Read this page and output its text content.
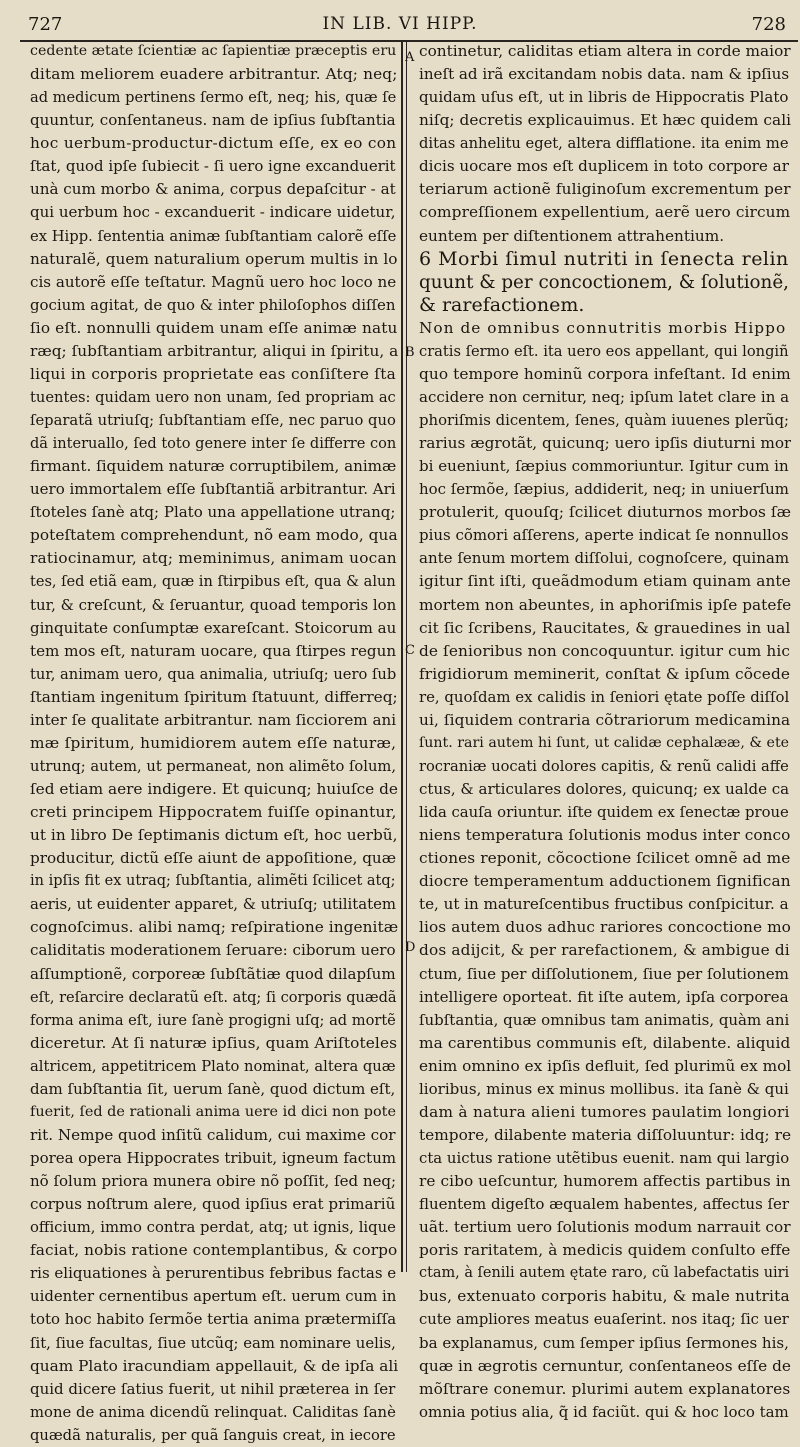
727	IN LIB. VI HIPP.	728
A
B
C
D
cedente ætate ſcientiæ ac ſapientiæ præceptis eru
ditam meliorem euadere arbitrantur. Atq; neq;
ad medicum pertinens ſermo eſt, neq; his, quæ ſe
quuntur, conſentaneus. nam de ipſius ſubſtantia
hoc uerbum-productur-dictum eſſe, ex eo con
ſtat, quod ipſe ſubiecit - ſi uero igne excanduerit
unà cum morbo & anima, corpus depaſcitur - at
qui uerbum hoc - excanduerit - indicare uidetur,
ex Hipp. ſententia animæ ſubſtantiam calorẽ eſſe
naturalẽ, quem naturalium operum multis in lo
cis autorẽ eſſe teſtatur. Magnũ uero hoc loco ne
gocium agitat, de quo & inter philoſophos diſſen
ſio eſt. nonnulli quidem unam eſſe animæ natu
ræq; ſubſtantiam arbitrantur, aliqui in ſpiritu, a
liqui in corporis proprietate eas conſiſtere ſta
tuentes: quidam uero non unam, ſed propriam ac
ſeparatã utriuſq; ſubſtantiam eſſe, nec paruo quo
dã interuallo, ſed toto genere inter ſe differre con
firmant. ſiquidem naturæ corruptibilem, animæ
uero immortalem eſſe ſubſtantiã arbitrantur. Ari
ſtoteles ſanè atq; Plato una appellatione utranq;
poteſtatem comprehendunt, nõ eam modo, qua
ratiocinamur, atq; meminimus, animam uocan
tes, ſed etiã eam, quæ in ſtirpibus eſt, qua & alun
tur, & creſcunt, & ſeruantur, quoad temporis lon
ginquitate conſumptæ exareſcant. Stoicorum au
tem mos eſt, naturam uocare, qua ſtirpes regun
tur, animam uero, qua animalia, utriuſq; uero ſub
ſtantiam ingenitum ſpiritum ſtatuunt, differreq;
inter ſe qualitate arbitrantur. nam ſicciorem ani
mæ ſpiritum, humidiorem autem eſſe naturæ,
utrunq; autem, ut permaneat, non alimẽto ſolum,
ſed etiam aere indigere. Et quicunq; huiuſce de
creti principem Hippocratem fuiſſe opinantur,
ut in libro De ſeptimanis dictum eſt, hoc uerbũ,
producitur, dictũ eſſe aiunt de appoſitione, quæ
in ipſis fit ex utraq; ſubſtantia, alimẽti ſcilicet atq;
aeris, ut euidenter apparet, & utriuſq; utilitatem
cognoſcimus. alibi namq; reſpiratione ingenitæ
caliditatis moderationem ſeruare: ciborum uero
aſſumptionẽ, corporeæ ſubſtãtiæ quod dilapſum
eſt, reſarcire declaratũ eſt. atq; ſi corporis quædã
forma anima eſt, iure ſanè progigni uſq; ad mortẽ
diceretur. At ſi naturæ ipſius, quam Ariſtoteles
altricem, appetitricem Plato nominat, altera quæ
dam ſubſtantia ſit, uerum ſanè, quod dictum eſt,
fuerit, ſed de rationali anima uere id dici non pote
rit. Nempe quod inſitũ calidum, cui maxime cor
porea opera Hippocrates tribuit, igneum factum
nõ ſolum priora munera obire nõ poſſit, ſed neq;
corpus noſtrum alere, quod ipſius erat primariũ
officium, immo contra perdat, atq; ut ignis, lique
faciat, nobis ratione contemplantibus, & corpo
ris eliquationes à perurentibus febribus factas e
uidenter cernentibus apertum eſt. uerum cum in
toto hoc habito ſermõe tertia anima prætermiſſa
ſit, ſiue facultas, ſiue utcũq; eam nominare uelis,
quam Plato iracundiam appellauit, & de ipſa ali
quid dicere ſatius fuerit, ut nihil præterea in ſer
mone de anima dicendũ relinquat. Caliditas ſanè
quædã naturalis, per quã ſanguis creat, in iecore
continetur, caliditas etiam altera in corde maior
ineſt ad irã excitandam nobis data. nam & ipſius
quidam uſus eſt, ut in libris de Hippocratis Plato
niſq; decretis explicauimus. Et hæc quidem cali
ditas anhelitu eget, altera difflatione. ita enim me
dicis uocare mos eſt duplicem in toto corpore ar
teriarum actionẽ fuliginoſum excrementum per
compreſſionem expellentium, aerẽ uero circum
euntem per diſtentionem attrahentium.
6 Morbi ſimul nutriti in ſenecta relin
quunt & per concoctionem, & ſolutionẽ,
& rarefactionem.
Non de omnibus connutritis morbis Hippo
cratis ſermo eſt. ita uero eos appellant, qui longiñ
quo tempore hominũ corpora infeſtant. Id enim
accidere non cernitur, neq; ipſum latet clare in a
phoriſmis dicentem, ſenes, quàm iuuenes plerũq;
rarius ægrotãt, quicunq; uero ipſis diuturni mor
bi eueniunt, ſæpius commoriuntur. Igitur cum in
hoc ſermõe, ſæpius, addiderit, neq; in uniuerſum
protulerit, quouſq; ſcilicet diuturnos morbos ſæ
pius cõmori aſſerens, aperte indicat ſe nonnullos
ante ſenum mortem diſſolui, cognoſcere, quinam
igitur ſint iſti, queãdmodum etiam quinam ante
mortem non abeuntes, in aphoriſmis ipſe patefe
cit ſic ſcribens, Raucitates, & grauedines in ual
de ſenioribus non concoquuntur. igitur cum hic
frigidiorum meminerit, conſtat & ipſum cõcede
re, quoſdam ex calidis in ſeniori ętate poſſe diſſol
ui, ſiquidem contraria cõtrariorum medicamina
ſunt. rari autem hi ſunt, ut calidæ cephalææ, & ete
rocraniæ uocati dolores capitis, & renũ calidi affe
ctus, & articulares dolores, quicunq; ex ualde ca
lida cauſa oriuntur. iſte quidem ex ſenectæ proue
niens temperatura ſolutionis modus inter conco
ctiones reponit, cõcoctione ſcilicet omnẽ ad me
diocre temperamentum adductionem ſignifican
te, ut in matureſcentibus fructibus conſpicitur. a
lios autem duos adhuc rariores concoctione mo
dos adijcit, & per rarefactionem, & ambigue di
ctum, ſiue per diſſolutionem, ſiue per ſolutionem
intelligere oporteat. fit iſte autem, ipſa corporea
ſubſtantia, quæ omnibus tam animatis, quàm ani
ma carentibus communis eſt, dilabente. aliquid
enim omnino ex ipſis defluit, ſed plurimũ ex mol
lioribus, minus ex minus mollibus. ita ſanè & qui
dam à natura alieni tumores paulatim longiori
tempore, dilabente materia diſſoluuntur: idq; re
cta uictus ratione utẽtibus euenit. nam qui largio
re cibo ueſcuntur, humorem affectis partibus in
fluentem digeſto æqualem habentes, affectus ſer
uãt. tertium uero ſolutionis modum narrauit cor
poris raritatem, à medicis quidem conſulto effe
ctam, à ſenili autem ętate raro, cũ labefactatis uiri
bus, extenuato corporis habitu, & male nutrita
cute ampliores meatus euaſerint. nos itaq; ſic uer
ba explanamus, cum ſemper ipſius ſermones his,
quæ in ægrotis cernuntur, conſentaneos eſſe de
mõſtrare conemur. plurimi autem explanatores
omnia potius alia, q̃ id faciũt. qui & hoc loco tam
